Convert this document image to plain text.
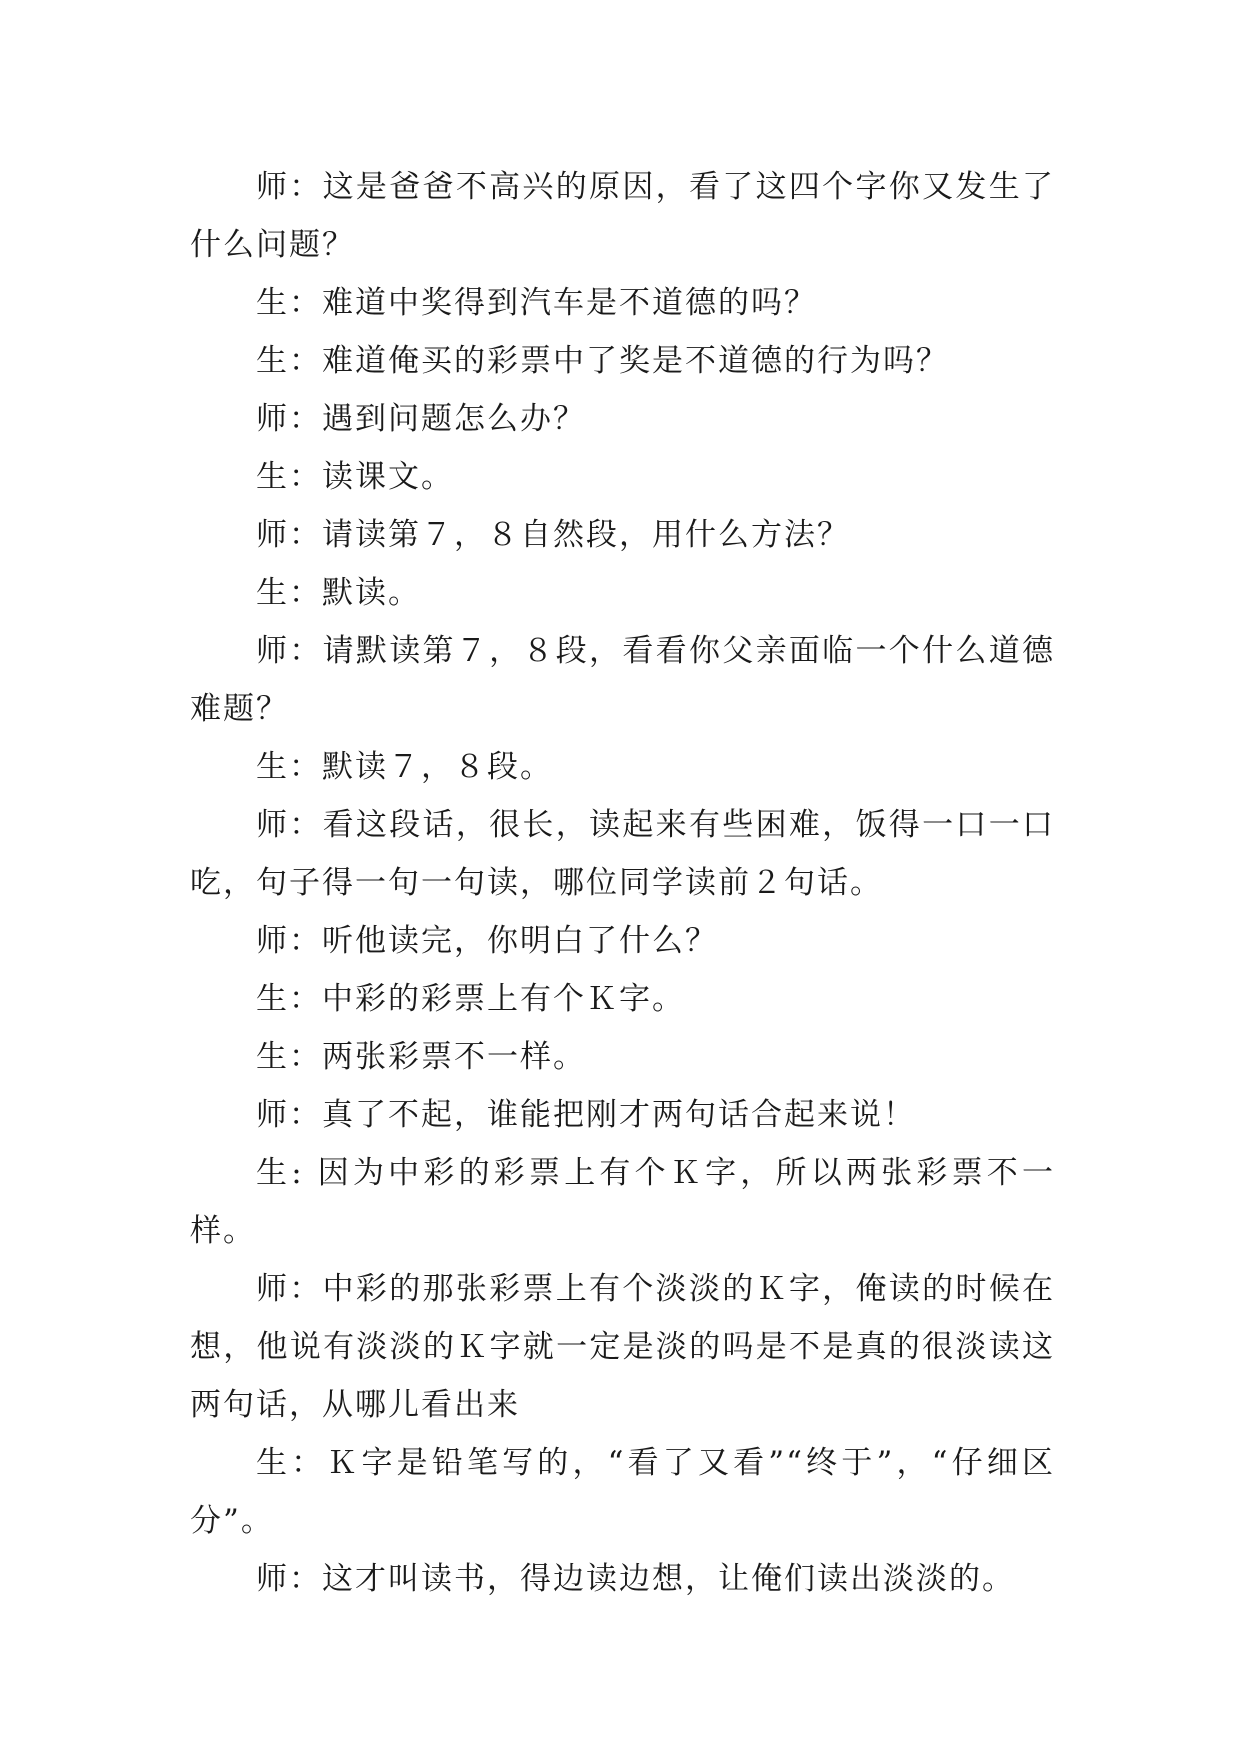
师：这是爸爸不高兴的原因，看了这四个字你又发生了什么问题？

生：难道中奖得到汽车是不道德的吗？

生：难道俺买的彩票中了奖是不道德的行为吗？

师：遇到问题怎么办？

生：读课文。

师：请读第７，８自然段，用什么方法？

生：默读。

师：请默读第７，８段，看看你父亲面临一个什么道德难题？

生：默读７，８段。

师：看这段话，很长，读起来有些困难，饭得一口一口吃，句子得一句一句读，哪位同学读前２句话。

师：听他读完，你明白了什么？

生：中彩的彩票上有个Ｋ字。

生：两张彩票不一样。

师：真了不起，谁能把刚才两句话合起来说！

生: 因为中彩的彩票上有个Ｋ字，所以两张彩票不一样。

师：中彩的那张彩票上有个淡淡的Ｋ字，俺读的时候在想，他说有淡淡的Ｋ字就一定是淡的吗是不是真的很淡读这两句话，从哪儿看出来

生：Ｋ字是铅笔写的，“看了又看”“终于”，“仔细区分”。

师：这才叫读书，得边读边想，让俺们读出淡淡的。
